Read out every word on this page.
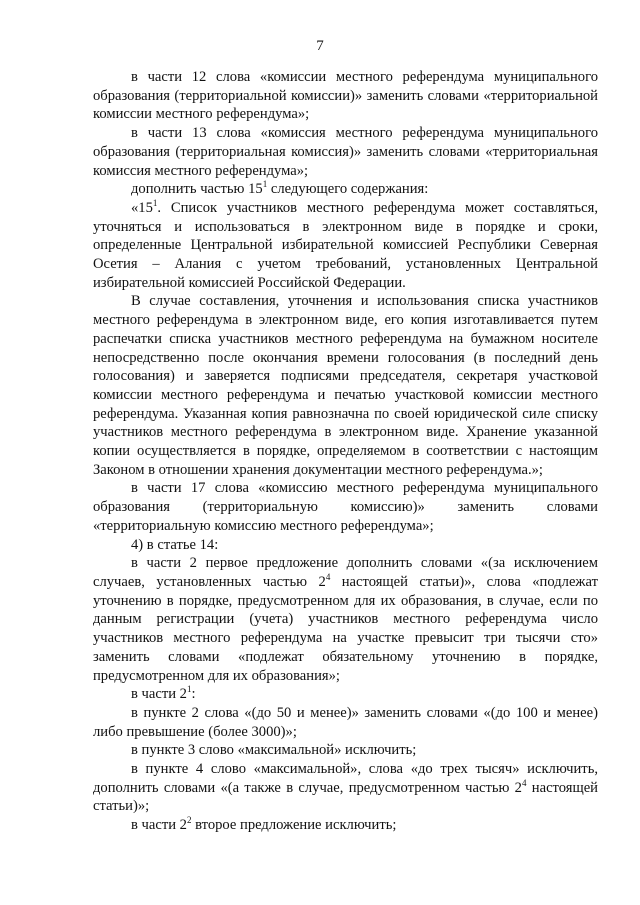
7

в части 12 слова «комиссии местного референдума муниципального образования (территориальной комиссии)» заменить словами «территориальной комиссии местного референдума»;

в части 13 слова «комиссия местного референдума муниципального образования (территориальная комиссия)» заменить словами «территориальная комиссия местного референдума»;

дополнить частью $15^1$ следующего содержания:

«$15^1$. Список участников местного референдума может составляться, уточняться и использоваться в электронном виде в порядке и сроки, определенные Центральной избирательной комиссией Республики Северная Осетия – Алания с учетом требований, установленных Центральной избирательной комиссией Российской Федерации.

В случае составления, уточнения и использования списка участников местного референдума в электронном виде, его копия изготавливается путем распечатки списка участников местного референдума на бумажном носителе непосредственно после окончания времени голосования (в последний день голосования) и заверяется подписями председателя, секретаря участковой комиссии местного референдума и печатью участковой комиссии местного референдума. Указанная копия равнозначна по своей юридической силе списку участников местного референдума в электронном виде. Хранение указанной копии осуществляется в порядке, определяемом в соответствии с настоящим Законом в отношении хранения документации местного референдума.»;

в части 17 слова «комиссию местного референдума муниципального образования (территориальную комиссию)» заменить словами «территориальную комиссию местного референдума»;

4) в статье 14:

в части 2 первое предложение дополнить словами «(за исключением случаев, установленных частью $2^4$ настоящей статьи)», слова «подлежат уточнению в порядке, предусмотренном для их образования, в случае, если по данным регистрации (учета) участников местного референдума число участников местного референдума на участке превысит три тысячи сто» заменить словами «подлежат обязательному уточнению в порядке, предусмотренном для их образования»;

в части $2^1$:

в пункте 2 слова «(до 50 и менее)» заменить словами «(до 100 и менее) либо превышение (более 3000)»;

в пункте 3 слово «максимальной» исключить;

в пункте 4 слово «максимальной», слова «до трех тысяч» исключить, дополнить словами «(а также в случае, предусмотренном частью $2^4$ настоящей статьи)»;

в части $2^2$ второе предложение исключить;
